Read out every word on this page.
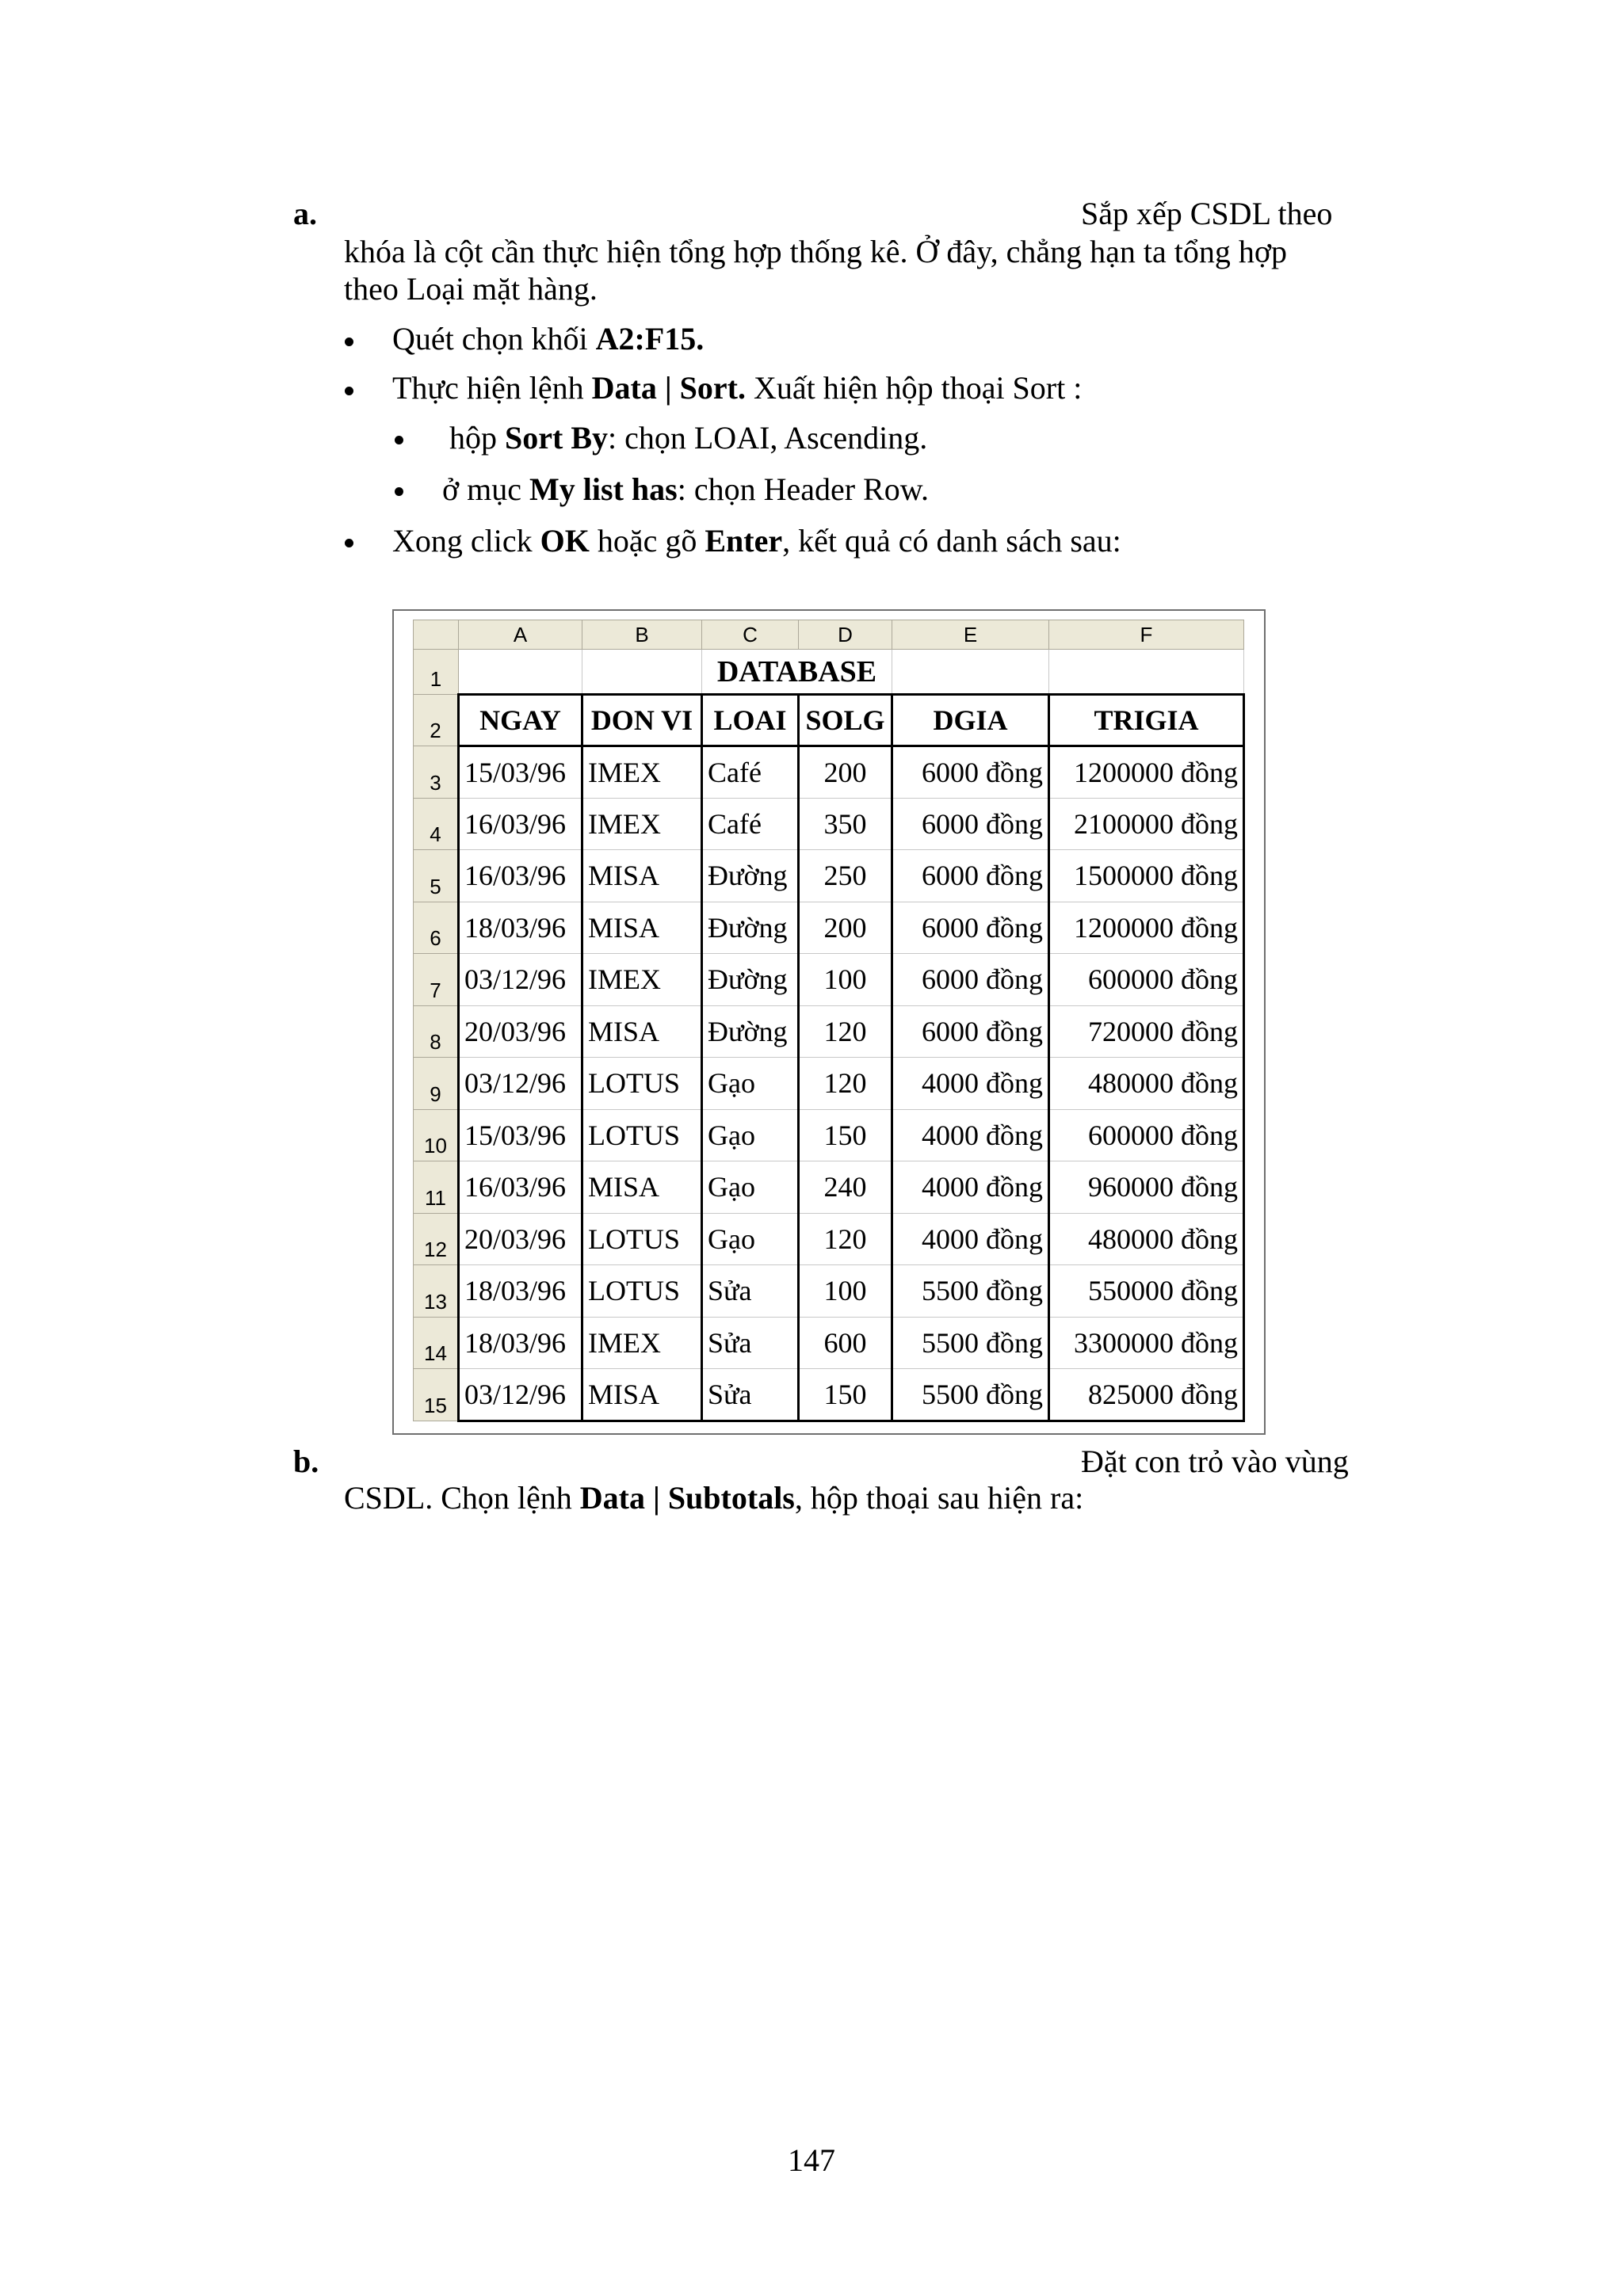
a.	Sắp xếp CSDL theo
khóa là cột cần thực hiện tổng hợp thống kê. Ở đây, chẳng hạn ta tổng hợp
theo Loại mặt hàng.
Quét chọn khối A2:F15.
Thực hiện lệnh Data | Sort. Xuất hiện hộp thoại Sort :
hộp Sort By: chọn LOAI, Ascending.
ở mục My list has: chọn Header Row.
Xong click OK hoặc gõ Enter, kết quả có danh sách sau:
	A	B	C	D	E	F
1			DATABASE			
2	NGAY	DON VI	LOAI	SOLG	DGIA	TRIGIA
3	15/03/96	IMEX	Café	200	6000 đồng	1200000 đồng
4	16/03/96	IMEX	Café	350	6000 đồng	2100000 đồng
5	16/03/96	MISA	Đường	250	6000 đồng	1500000 đồng
6	18/03/96	MISA	Đường	200	6000 đồng	1200000 đồng
7	03/12/96	IMEX	Đường	100	6000 đồng	600000 đồng
8	20/03/96	MISA	Đường	120	6000 đồng	720000 đồng
9	03/12/96	LOTUS	Gạo	120	4000 đồng	480000 đồng
10	15/03/96	LOTUS	Gạo	150	4000 đồng	600000 đồng
11	16/03/96	MISA	Gạo	240	4000 đồng	960000 đồng
12	20/03/96	LOTUS	Gạo	120	4000 đồng	480000 đồng
13	18/03/96	LOTUS	Sửa	100	5500 đồng	550000 đồng
14	18/03/96	IMEX	Sửa	600	5500 đồng	3300000 đồng
15	03/12/96	MISA	Sửa	150	5500 đồng	825000 đồng
b.	Đặt con trỏ vào vùng
CSDL. Chọn lệnh Data | Subtotals, hộp thoại sau hiện ra:
147
